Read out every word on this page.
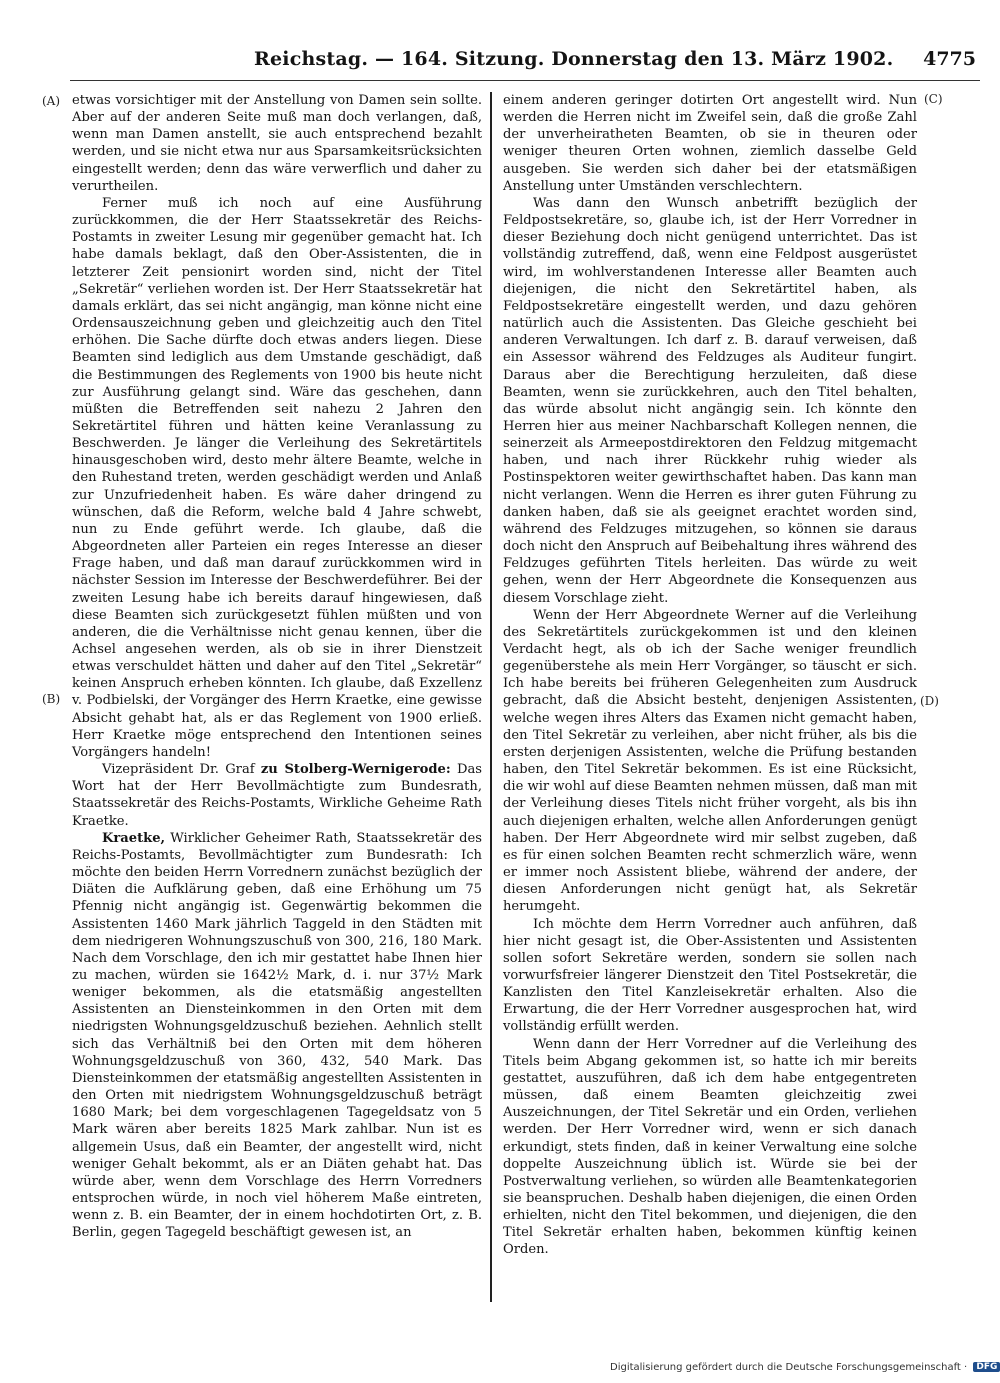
Reichstag. — 164. Sitzung. Donnerstag den 13. März 1902. 4775
(A)
(B)
(C)
(D)

etwas vorsichtiger mit der Anstellung von Damen sein sollte. Aber auf der anderen Seite muß man doch verlangen, daß, wenn man Damen anstellt, sie auch entsprechend bezahlt werden, und sie nicht etwa nur aus Sparsamkeitsrücksichten eingestellt werden; denn das wäre verwerflich und daher zu verurtheilen.

Ferner muß ich noch auf eine Ausführung zurückkommen, die der Herr Staatssekretär des Reichs-Postamts in zweiter Lesung mir gegenüber gemacht hat. Ich habe damals beklagt, daß den Ober-Assistenten, die in letzterer Zeit pensionirt worden sind, nicht der Titel „Sekretär“ verliehen worden ist. Der Herr Staatssekretär hat damals erklärt, das sei nicht angängig, man könne nicht eine Ordensauszeichnung geben und gleichzeitig auch den Titel erhöhen. Die Sache dürfte doch etwas anders liegen. Diese Beamten sind lediglich aus dem Umstande geschädigt, daß die Bestimmungen des Reglements von 1900 bis heute nicht zur Ausführung gelangt sind. Wäre das geschehen, dann müßten die Betreffenden seit nahezu 2 Jahren den Sekretärtitel führen und hätten keine Veranlassung zu Beschwerden. Je länger die Verleihung des Sekretärtitels hinausgeschoben wird, desto mehr ältere Beamte, welche in den Ruhestand treten, werden geschädigt werden und Anlaß zur Unzufriedenheit haben. Es wäre daher dringend zu wünschen, daß die Reform, welche bald 4 Jahre schwebt, nun zu Ende geführt werde. Ich glaube, daß die Abgeordneten aller Parteien ein reges Interesse an dieser Frage haben, und daß man darauf zurückkommen wird in nächster Session im Interesse der Beschwerdeführer. Bei der zweiten Lesung habe ich bereits darauf hingewiesen, daß diese Beamten sich zurückgesetzt fühlen müßten und von anderen, die die Verhältnisse nicht genau kennen, über die Achsel angesehen werden, als ob sie in ihrer Dienstzeit etwas verschuldet hätten und daher auf den Titel „Sekretär“ keinen Anspruch erheben könnten. Ich glaube, daß Exzellenz v. Podbielski, der Vorgänger des Herrn Kraetke, eine gewisse Absicht gehabt hat, als er das Reglement von 1900 erließ. Herr Kraetke möge entsprechend den Intentionen seines Vorgängers handeln!

Vizepräsident Dr. Graf zu Stolberg-Wernigerode: Das Wort hat der Herr Bevollmächtigte zum Bundesrath, Staatssekretär des Reichs-Postamts, Wirkliche Geheime Rath Kraetke.

Kraetke, Wirklicher Geheimer Rath, Staatssekretär des Reichs-Postamts, Bevollmächtigter zum Bundesrath: Ich möchte den beiden Herrn Vorrednern zunächst bezüglich der Diäten die Aufklärung geben, daß eine Erhöhung um 75 Pfennig nicht angängig ist. Gegenwärtig bekommen die Assistenten 1460 Mark jährlich Taggeld in den Städten mit dem niedrigeren Wohnungszuschuß von 300, 216, 180 Mark. Nach dem Vorschlage, den ich mir gestattet habe Ihnen hier zu machen, würden sie 1642½ Mark, d. i. nur 37½ Mark weniger bekommen, als die etatsmäßig angestellten Assistenten an Diensteinkommen in den Orten mit dem niedrigsten Wohnungsgeldzuschuß beziehen. Aehnlich stellt sich das Verhältniß bei den Orten mit dem höheren Wohnungsgeldzuschuß von 360, 432, 540 Mark. Das Diensteinkommen der etatsmäßig angestellten Assistenten in den Orten mit niedrigstem Wohnungsgeldzuschuß beträgt 1680 Mark; bei dem vorgeschlagenen Tagegeldsatz von 5 Mark wären aber bereits 1825 Mark zahlbar. Nun ist es allgemein Usus, daß ein Beamter, der angestellt wird, nicht weniger Gehalt bekommt, als er an Diäten gehabt hat. Das würde aber, wenn dem Vorschlage des Herrn Vorredners entsprochen würde, in noch viel höherem Maße eintreten, wenn z. B. ein Beamter, der in einem hochdotirten Ort, z. B. Berlin, gegen Tagegeld beschäftigt gewesen ist, an

einem anderen geringer dotirten Ort angestellt wird. Nun werden die Herren nicht im Zweifel sein, daß die große Zahl der unverheiratheten Beamten, ob sie in theuren oder weniger theuren Orten wohnen, ziemlich dasselbe Geld ausgeben. Sie werden sich daher bei der etatsmäßigen Anstellung unter Umständen verschlechtern.

Was dann den Wunsch anbetrifft bezüglich der Feldpostsekretäre, so, glaube ich, ist der Herr Vorredner in dieser Beziehung doch nicht genügend unterrichtet. Das ist vollständig zutreffend, daß, wenn eine Feldpost ausgerüstet wird, im wohlverstandenen Interesse aller Beamten auch diejenigen, die nicht den Sekretärtitel haben, als Feldpostsekretäre eingestellt werden, und dazu gehören natürlich auch die Assistenten. Das Gleiche geschieht bei anderen Verwaltungen. Ich darf z. B. darauf verweisen, daß ein Assessor während des Feldzuges als Auditeur fungirt. Daraus aber die Berechtigung herzuleiten, daß diese Beamten, wenn sie zurückkehren, auch den Titel behalten, das würde absolut nicht angängig sein. Ich könnte den Herren hier aus meiner Nachbarschaft Kollegen nennen, die seinerzeit als Armeepostdirektoren den Feldzug mitgemacht haben, und nach ihrer Rückkehr ruhig wieder als Postinspektoren weiter gewirthschaftet haben. Das kann man nicht verlangen. Wenn die Herren es ihrer guten Führung zu danken haben, daß sie als geeignet erachtet worden sind, während des Feldzuges mitzugehen, so können sie daraus doch nicht den Anspruch auf Beibehaltung ihres während des Feldzuges geführten Titels herleiten. Das würde zu weit gehen, wenn der Herr Abgeordnete die Konsequenzen aus diesem Vorschlage zieht.

Wenn der Herr Abgeordnete Werner auf die Verleihung des Sekretärtitels zurückgekommen ist und den kleinen Verdacht hegt, als ob ich der Sache weniger freundlich gegenüberstehe als mein Herr Vorgänger, so täuscht er sich. Ich habe bereits bei früheren Gelegenheiten zum Ausdruck gebracht, daß die Absicht besteht, denjenigen Assistenten, welche wegen ihres Alters das Examen nicht gemacht haben, den Titel Sekretär zu verleihen, aber nicht früher, als bis die ersten derjenigen Assistenten, welche die Prüfung bestanden haben, den Titel Sekretär bekommen. Es ist eine Rücksicht, die wir wohl auf diese Beamten nehmen müssen, daß man mit der Verleihung dieses Titels nicht früher vorgeht, als bis ihn auch diejenigen erhalten, welche allen Anforderungen genügt haben. Der Herr Abgeordnete wird mir selbst zugeben, daß es für einen solchen Beamten recht schmerzlich wäre, wenn er immer noch Assistent bliebe, während der andere, der diesen Anforderungen nicht genügt hat, als Sekretär herumgeht.

Ich möchte dem Herrn Vorredner auch anführen, daß hier nicht gesagt ist, die Ober-Assistenten und Assistenten sollen sofort Sekretäre werden, sondern sie sollen nach vorwurfsfreier längerer Dienstzeit den Titel Postsekretär, die Kanzlisten den Titel Kanzleisekretär erhalten. Also die Erwartung, die der Herr Vorredner ausgesprochen hat, wird vollständig erfüllt werden.

Wenn dann der Herr Vorredner auf die Verleihung des Titels beim Abgang gekommen ist, so hatte ich mir bereits gestattet, auszuführen, daß ich dem habe entgegentreten müssen, daß einem Beamten gleichzeitig zwei Auszeichnungen, der Titel Sekretär und ein Orden, verliehen werden. Der Herr Vorredner wird, wenn er sich danach erkundigt, stets finden, daß in keiner Verwaltung eine solche doppelte Auszeichnung üblich ist. Würde sie bei der Postverwaltung verliehen, so würden alle Beamtenkategorien sie beanspruchen. Deshalb haben diejenigen, die einen Orden erhielten, nicht den Titel bekommen, und diejenigen, die den Titel Sekretär erhalten haben, bekommen künftig keinen Orden.

Digitalisierung gefördert durch die Deutsche Forschungsgemeinschaft · DFG
